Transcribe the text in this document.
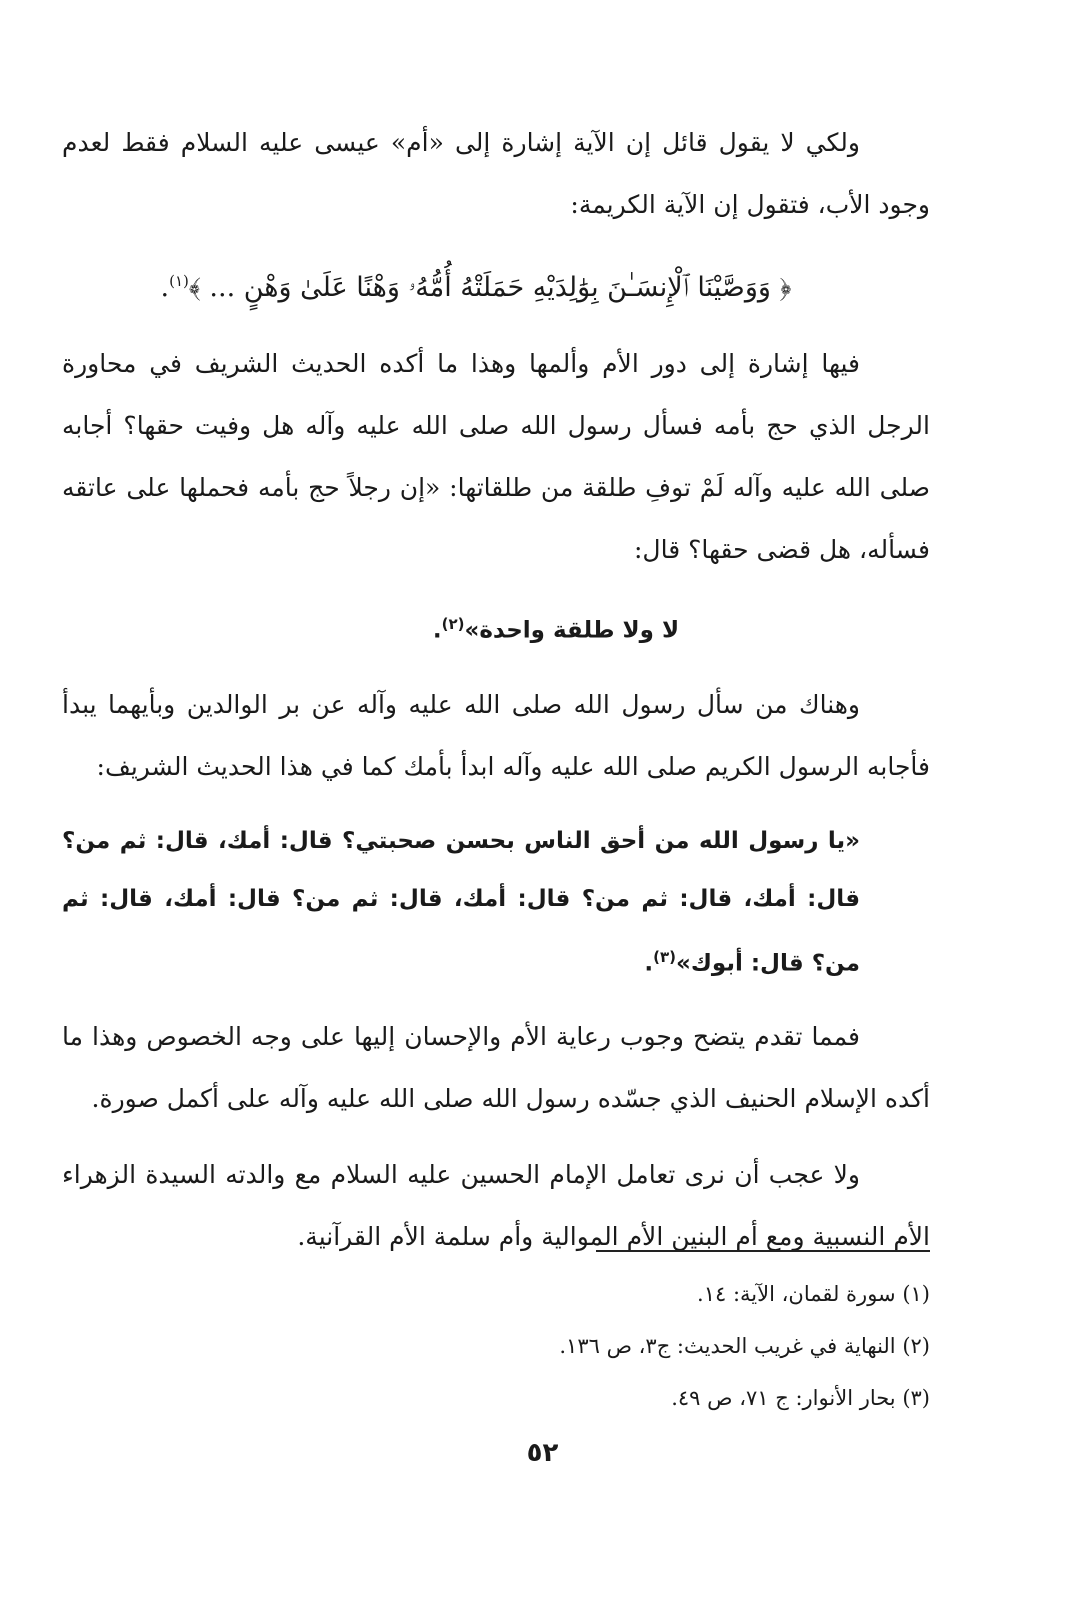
ولكي لا يقول قائل إن الآية إشارة إلى «أم» عيسى عليه السلام فقط لعدم وجود الأب، فتقول إن الآية الكريمة:

﴿ وَوَصَّيْنَا ٱلْإِنسَـٰنَ بِوَٰلِدَيْهِ حَمَلَتْهُ أُمُّهُۥ وَهْنًا عَلَىٰ وَهْنٍ ... ﴾$^{(١)}$.

فيها إشارة إلى دور الأم وألمها وهذا ما أكده الحديث الشريف في محاورة الرجل الذي حج بأمه فسأل رسول الله صلى الله عليه وآله هل وفيت حقها؟ أجابه صلى الله عليه وآله لَمْ توفِ طلقة من طلقاتها: «إن رجلاً حج بأمه فحملها على عاتقه فسأله، هل قضى حقها؟ قال:

لا ولا طلقة واحدة»$^{(٢)}$.

وهناك من سأل رسول الله صلى الله عليه وآله عن بر الوالدين وبأيهما يبدأ فأجابه الرسول الكريم صلى الله عليه وآله ابدأ بأمك كما في هذا الحديث الشريف:

«يا رسول الله من أحق الناس بحسن صحبتي؟ قال: أمك، قال: ثم من؟ قال: أمك، قال: ثم من؟ قال: أمك، قال: ثم من؟ قال: أمك، قال: ثم من؟ قال: أبوك»$^{(٣)}$.

فمما تقدم يتضح وجوب رعاية الأم والإحسان إليها على وجه الخصوص وهذا ما أكده الإسلام الحنيف الذي جسّده رسول الله صلى الله عليه وآله على أكمل صورة.

ولا عجب أن نرى تعامل الإمام الحسين عليه السلام مع والدته السيدة الزهراء الأم النسبية ومع أم البنين الأم الموالية وأم سلمة الأم القرآنية.

(١) سورة لقمان، الآية: ١٤.

(٢) النهاية في غريب الحديث: ج٣، ص ١٣٦.

(٣) بحار الأنوار: ج ٧١، ص ٤٩.

٥٢
